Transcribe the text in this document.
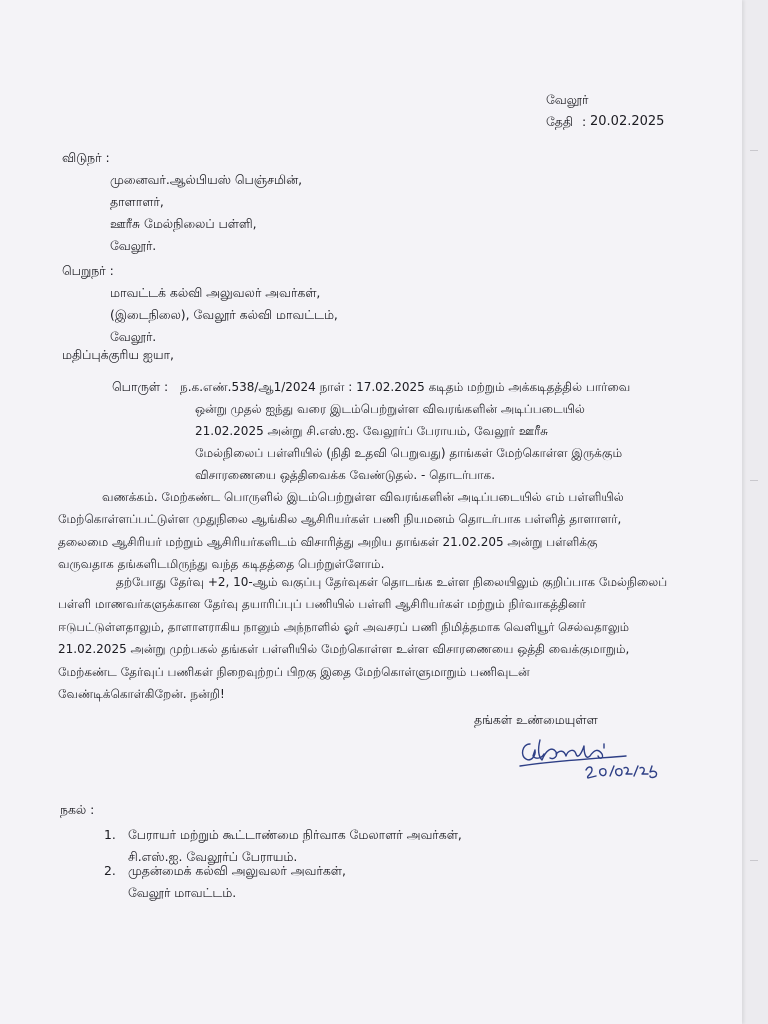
வேலூர்
தேதி : 20.02.2025
விடுநர் :
முனைவர்.ஆல்பியஸ் பெஞ்சமின்,
தாளாளர்,
ஊரீசு மேல்நிலைப் பள்ளி,
வேலூர்.
பெறுநர் :
மாவட்டக் கல்வி அலுவலர் அவர்கள்,
(இடைநிலை), வேலூர் கல்வி மாவட்டம்,
வேலூர்.
மதிப்புக்குரிய ஐயா,
பொருள் : ந.க.எண்.538/ஆ1/2024 நாள் : 17.02.2025 கடிதம் மற்றும் அக்கடிதத்தில் பார்வை
ஒன்று முதல் ஐந்து வரை இடம்பெற்றுள்ள விவரங்களின் அடிப்படையில்
21.02.2025 அன்று சி.எஸ்.ஐ. வேலூர்ப் பேராயம், வேலூர் ஊரீசு
மேல்நிலைப் பள்ளியில் (நிதி உதவி பெறுவது) தாங்கள் மேற்கொள்ள இருக்கும்
விசாரணையை ஒத்திவைக்க வேண்டுதல். - தொடர்பாக.
வணக்கம். மேற்கண்ட பொருளில் இடம்பெற்றுள்ள விவரங்களின் அடிப்படையில் எம் பள்ளியில்
மேற்கொள்ளப்பட்டுள்ள முதுநிலை ஆங்கில ஆசிரியர்கள் பணி நியமனம் தொடர்பாக பள்ளித் தாளாளர்,
தலைமை ஆசிரியர் மற்றும் ஆசிரியர்களிடம் விசாரித்து அறிய தாங்கள் 21.02.205 அன்று பள்ளிக்கு
வருவதாக தங்களிடமிருந்து வந்த கடிதத்தை பெற்றுள்ளோம்.
தற்போது தேர்வு +2, 10-ஆம் வகுப்பு தேர்வுகள் தொடங்க உள்ள நிலையிலும் குறிப்பாக மேல்நிலைப்
பள்ளி மாணவர்களுக்கான தேர்வு தயாரிப்புப் பணியில் பள்ளி ஆசிரியர்கள் மற்றும் நிர்வாகத்தினர்
ஈடுபட்டுள்ளதாலும், தாளாளராகிய நானும் அந்நாளில் ஓர் அவசரப் பணி நிமித்தமாக வெளியூர் செல்வதாலும்
21.02.2025 அன்று முற்பகல் தங்கள் பள்ளியில் மேற்கொள்ள உள்ள விசாரணையை ஒத்தி வைக்குமாறும்,
மேற்கண்ட தேர்வுப் பணிகள் நிறைவுற்றப் பிறகு இதை மேற்கொள்ளுமாறும் பணிவுடன்
வேண்டிக்கொள்கிறேன். நன்றி!
தங்கள் உண்மையுள்ள
நகல் :
1. பேராயர் மற்றும் கூட்டாண்மை நிர்வாக மேலாளர் அவர்கள்,
சி.எஸ்.ஐ. வேலூர்ப் பேராயம்.
2. முதன்மைக் கல்வி அலுவலர் அவர்கள்,
வேலூர் மாவட்டம்.
